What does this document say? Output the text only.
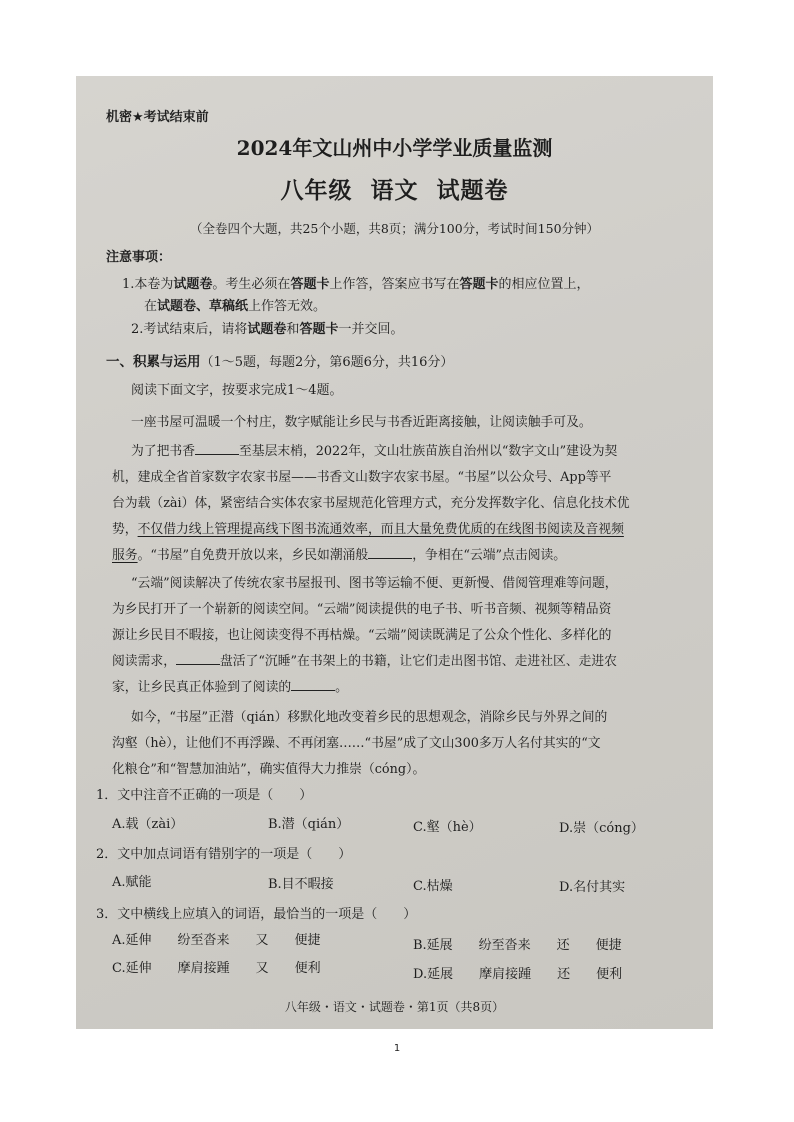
机密★考试结束前
2024年文山州中小学学业质量监测
八年级 语文 试题卷
（全卷四个大题，共25个小题，共8页；满分100分，考试时间150分钟）
注意事项：
1.本卷为试题卷。考生必须在答题卡上作答，答案应书写在答题卡的相应位置上，
在试题卷、草稿纸上作答无效。
2.考试结束后，请将试题卷和答题卡一并交回。
一、积累与运用（1～5题，每题2分，第6题6分，共16分）
阅读下面文字，按要求完成1～4题。
一座书屋可温暖一个村庄，数字赋能让乡民与书香近距离接触，让阅读触手可及。
为了把书香	至基层末梢，2022年，文山壮族苗族自治州以“数字文山”建设为契
机，建成全省首家数字农家书屋——书香文山数字农家书屋。“书屋”以公众号、App等平
台为载（zài）体，紧密结合实体农家书屋规范化管理方式，充分发挥数字化、信息化技术优
势，不仅借力线上管理提高线下图书流通效率，而且大量免费优质的在线图书阅读及音视频
服务。“书屋”自免费开放以来，乡民如潮涌般	，争相在“云端”点击阅读。
“云端”阅读解决了传统农家书屋报刊、图书等运输不便、更新慢、借阅管理难等问题，
为乡民打开了一个崭新的阅读空间。“云端”阅读提供的电子书、听书音频、视频等精品资
源让乡民目不暇接，也让阅读变得不再枯燥。“云端”阅读既满足了公众个性化、多样化的
阅读需求，	盘活了“沉睡”在书架上的书籍，让它们走出图书馆、走进社区、走进农
家，让乡民真正体验到了阅读的	。
如今，“书屋”正潜（qián）移默化地改变着乡民的思想观念，消除乡民与外界之间的
沟壑（hè），让他们不再浮躁、不再闭塞……“书屋”成了文山300多万人名付其实的“文
化粮仓”和“智慧加油站”，确实值得大力推崇（cóng）。
1．文中注音不正确的一项是（　　）
A.载（zài）	B.潜（qián）	C.壑（hè）	D.崇（cóng）
2．文中加点词语有错别字的一项是（　　）
A.赋能	B.目不暇接	C.枯燥	D.名付其实
3．文中横线上应填入的词语，最恰当的一项是（　　）
A.延伸　　纷至沓来　　又　　便捷	B.延展　　纷至沓来　　还　　便捷
C.延伸　　摩肩接踵　　又　　便利	D.延展　　摩肩接踵　　还　　便利
八年级・语文・试题卷・第1页（共8页）
1
